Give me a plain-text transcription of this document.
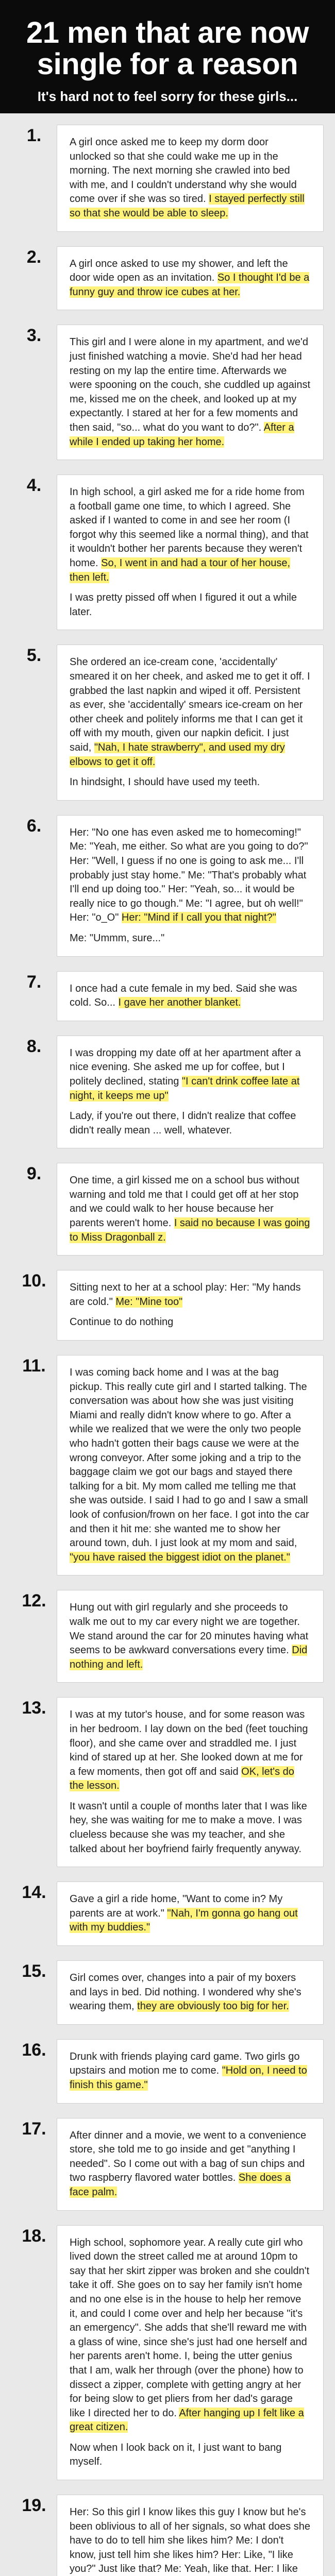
21 men that are now single for a reason
It's hard not to feel sorry for these girls...
1.	A girl once asked me to keep my dorm door unlocked so that she could wake me up in the morning. The next morning she crawled into bed with me, and I couldn't understand why she would come over if she was so tired. I stayed perfectly still so that she would be able to sleep.

2.	A girl once asked to use my shower, and left the door wide open as an invitation. So I thought I'd be a funny guy and throw ice cubes at her.

3.	This girl and I were alone in my apartment, and we'd just finished watching a movie. She'd had her head resting on my lap the entire time. Afterwards we were spooning on the couch, she cuddled up against me, kissed me on the cheek, and looked up at my expectantly. I stared at her for a few moments and then said, "so... what do you want to do?". After a while I ended up taking her home.

4.	In high school, a girl asked me for a ride home from a football game one time, to which I agreed. She asked if I wanted to come in and see her room (I forgot why this seemed like a normal thing), and that it wouldn't bother her parents because they weren't home. So, I went in and had a tour of her house, then left.

I was pretty pissed off when I figured it out a while later.

5.	She ordered an ice-cream cone, 'accidentally' smeared it on her cheek, and asked me to get it off. I grabbed the last napkin and wiped it off. Persistent as ever, she 'accidentally' smears ice-cream on her other cheek and politely informs me that I can get it off with my mouth, given our napkin deficit. I just said, "Nah, I hate strawberry", and used my dry elbows to get it off.

In hindsight, I should have used my teeth.

6.	Her: "No one has even asked me to homecoming!" Me: "Yeah, me either. So what are you going to do?" Her: "Well, I guess if no one is going to ask me... I'll probably just stay home." Me: "That's probably what I'll end up doing too." Her: "Yeah, so... it would be really nice to go though." Me: "I agree, but oh well!" Her: "o_O" Her: "Mind if I call you that night?"

Me: "Ummm, sure..."

7.	I once had a cute female in my bed. Said she was cold. So... I gave her another blanket.

8.	I was dropping my date off at her apartment after a nice evening. She asked me up for coffee, but I politely declined, stating "I can't drink coffee late at night, it keeps me up"

Lady, if you're out there, I didn't realize that coffee didn't really mean ... well, whatever.

9.	One time, a girl kissed me on a school bus without warning and told me that I could get off at her stop and we could walk to her house because her parents weren't home. I said no because I was going to Miss Dragonball z.

10.	Sitting next to her at a school play: Her: "My hands are cold." Me: "Mine too"

Continue to do nothing

11.	I was coming back home and I was at the bag pickup. This really cute girl and I started talking. The conversation was about how she was just visiting Miami and really didn't know where to go. After a while we realized that we were the only two people who hadn't gotten their bags cause we were at the wrong conveyor. After some joking and a trip to the baggage claim we got our bags and stayed there talking for a bit. My mom called me telling me that she was outside. I said I had to go and I saw a small look of confusion/frown on her face. I got into the car and then it hit me: she wanted me to show her around town, duh. I just look at my mom and said, "you have raised the biggest idiot on the planet."

12.	Hung out with girl regularly and she proceeds to walk me out to my car every night we are together. We stand around the car for 20 minutes having what seems to be awkward conversations every time. Did nothing and left.

13.	I was at my tutor's house, and for some reason was in her bedroom. I lay down on the bed (feet touching floor), and she came over and straddled me. I just kind of stared up at her. She looked down at me for a few moments, then got off and said OK, let's do the lesson.

It wasn't until a couple of months later that I was like hey, she was waiting for me to make a move. I was clueless because she was my teacher, and she talked about her boyfriend fairly frequently anyway.

14.	Gave a girl a ride home, "Want to come in? My parents are at work." "Nah, I'm gonna go hang out with my buddies."

15.	Girl comes over, changes into a pair of my boxers and lays in bed. Did nothing. I wondered why she's wearing them, they are obviously too big for her.

16.	Drunk with friends playing card game. Two girls go upstairs and motion me to come. "Hold on, I need to finish this game."

17.	After dinner and a movie, we went to a convenience store, she told me to go inside and get "anything I needed". So I come out with a bag of sun chips and two raspberry flavored water bottles. She does a face palm.

18.	High school, sophomore year. A really cute girl who lived down the street called me at around 10pm to say that her skirt zipper was broken and she couldn't take it off. She goes on to say her family isn't home and no one else is in the house to help her remove it, and could I come over and help her because "it's an emergency". She adds that she'll reward me with a glass of wine, since she's just had one herself and her parents aren't home. I, being the utter genius that I am, walk her through (over the phone) how to dissect a zipper, complete with getting angry at her for being slow to get pliers from her dad's garage like I directed her to do. After hanging up I felt like a great citizen.

Now when I look back on it, I just want to bang myself.

19.	Her: So this girl I know likes this guy I know but he's been oblivious to all of her signals, so what does she have to do to tell him she likes him? Me: I don't know, just tell him she likes him? Her: Like, "I like you?" Just like that? Me: Yeah, like that. Her: I like
